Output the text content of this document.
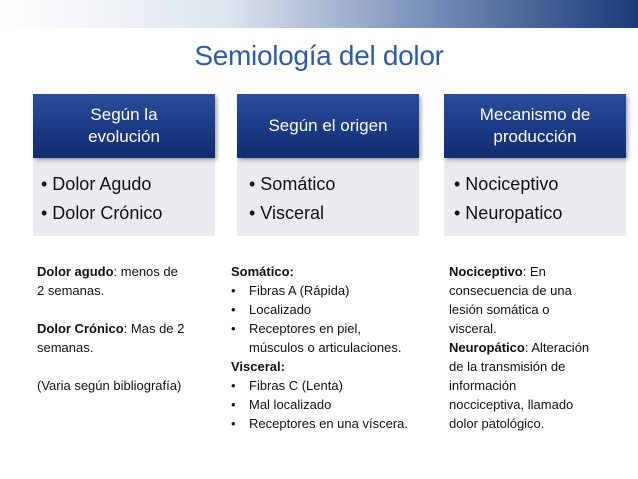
Semiología del dolor
Según la
evolución
• Dolor Agudo
• Dolor Crónico
Según el origen
• Somático
• Visceral
Mecanismo de
producción
• Nociceptivo
• Neuropatico
Dolor agudo: menos de
2 semanas.

Dolor Crónico: Mas de 2
semanas.

(Varia según bibliografía)
Somático:
•	Fibras A (Rápida)
•	Localizado
•	Receptores en piel,
músculos o articulaciones.
Visceral:
•	Fibras C (Lenta)
•	Mal localizado
•	Receptores en una víscera.
Nociceptivo: En
consecuencia de una
lesión somática o
visceral.
Neuropático: Alteración
de la transmisión de
información
nocciceptiva, llamado
dolor patológico.
